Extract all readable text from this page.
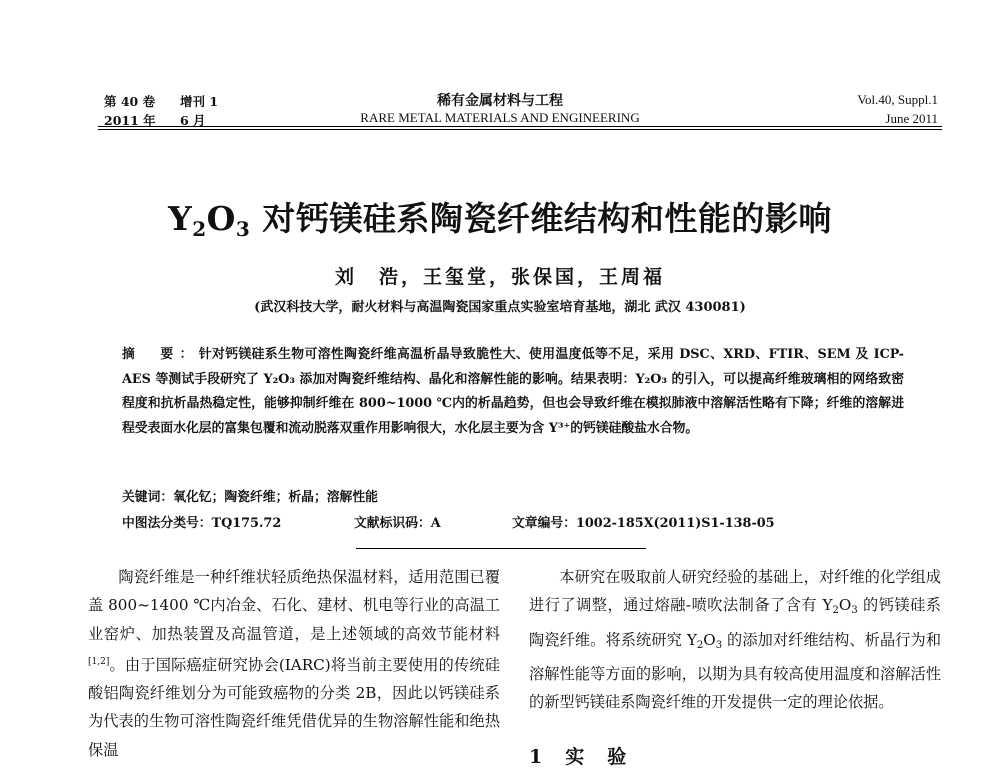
第 40 卷 增刊 1
2011 年 6 月
稀有金属材料与工程
RARE METAL MATERIALS AND ENGINEERING
Vol.40, Suppl.1
June 2011
$Y_2O_3$ 对钙镁硅系陶瓷纤维结构和性能的影响
刘　浩，王玺堂，张保国，王周福
(武汉科技大学，耐火材料与高温陶瓷国家重点实验室培育基地，湖北 武汉 430081)
摘　要：针对钙镁硅系生物可溶性陶瓷纤维高温析晶导致脆性大、使用温度低等不足，采用 DSC、XRD、FTIR、SEM 及 ICP-AES 等测试手段研究了 Y₂O₃ 添加对陶瓷纤维结构、晶化和溶解性能的影响。结果表明：Y₂O₃ 的引入，可以提高纤维玻璃相的网络致密程度和抗析晶热稳定性，能够抑制纤维在 800~1000 ℃内的析晶趋势，但也会导致纤维在模拟肺液中溶解活性略有下降；纤维的溶解进程受表面水化层的富集包覆和流动脱落双重作用影响很大，水化层主要为含 Y³⁺的钙镁硅酸盐水合物。
关键词：氧化钇；陶瓷纤维；析晶；溶解性能
中图法分类号：TQ175.72	文献标识码：A	文章编号：1002-185X(2011)S1-138-05

陶瓷纤维是一种纤维状轻质绝热保温材料，适用范围已覆盖 800~1400 ℃内冶金、石化、建材、机电等行业的高温工业窑炉、加热装置及高温管道，是上述领域的高效节能材料[1,2]。由于国际癌症研究协会(IARC)将当前主要使用的传统硅酸铝陶瓷纤维划分为可能致癌物的分类 2B，因此以钙镁硅系为代表的生物可溶性陶瓷纤维凭借优异的生物溶解性能和绝热保温

本研究在吸取前人研究经验的基础上，对纤维的化学组成进行了调整，通过熔融-喷吹法制备了含有 $Y_2O_3$ 的钙镁硅系陶瓷纤维。将系统研究 $Y_2O_3$ 的添加对纤维结构、析晶行为和溶解性能等方面的影响，以期为具有较高使用温度和溶解活性的新型钙镁硅系陶瓷纤维的开发提供一定的理论依据。

1　实　验
